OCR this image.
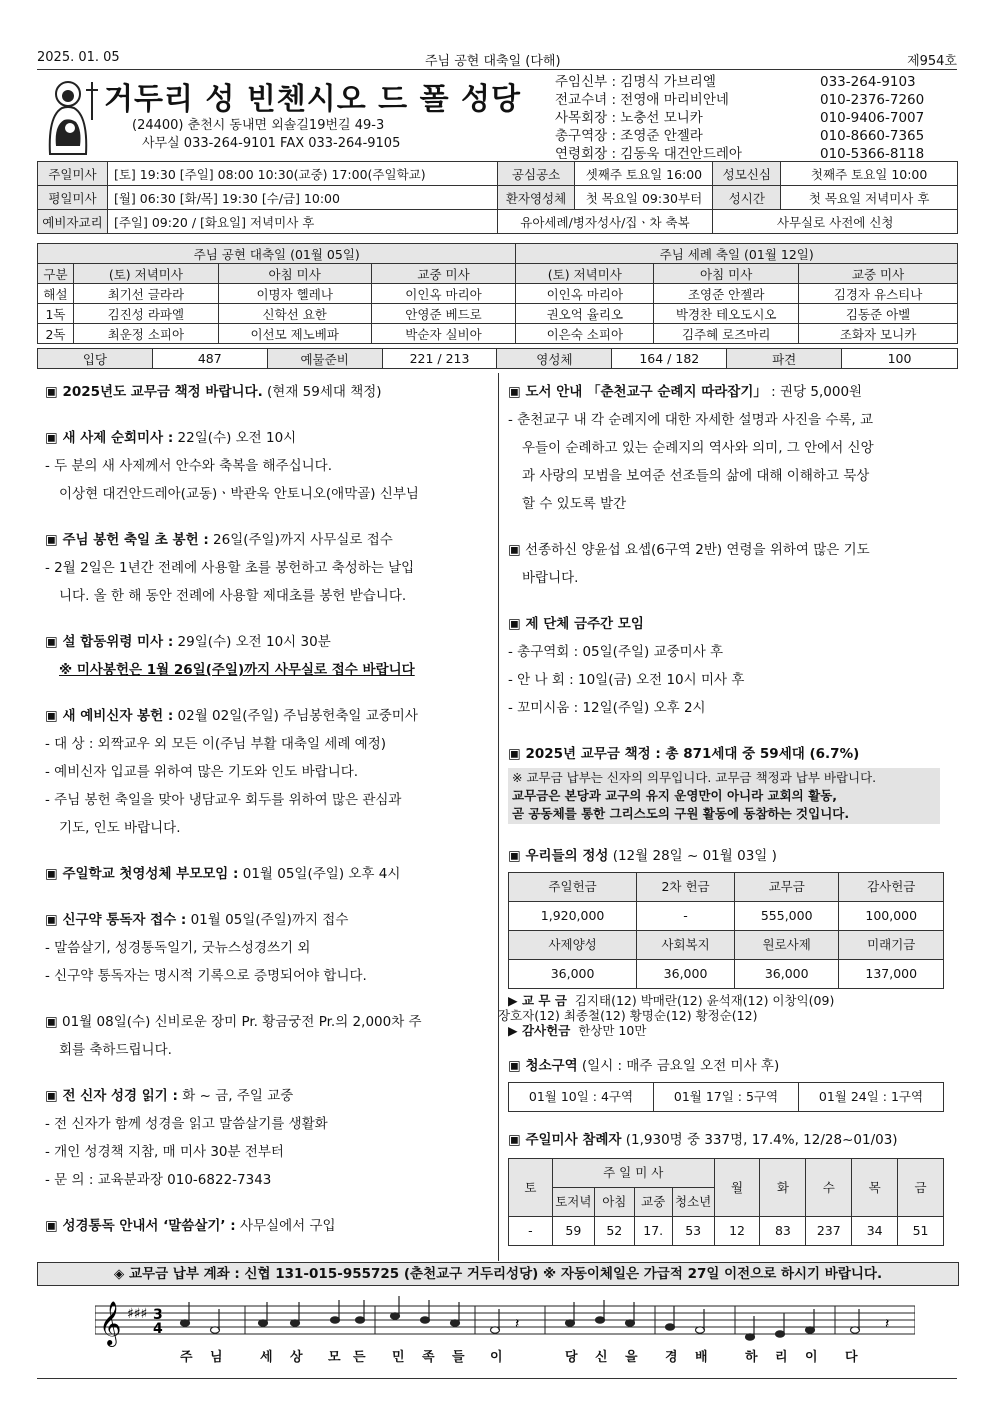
2025. 01. 05	주님 공현 대축일 (다해)	제954호
거두리 성 빈첸시오 드 폴 성당
(24400) 춘천시 동내면 외솔길19번길 49-3
사무실 033-264-9101 FAX 033-264-9105
주임신부 : 김명식 가브리엘	033-264-9103
전교수녀 : 전영애 마리비안네	010-2376-7260
사목회장 : 노충선 모니카	010-9406-7007
총구역장 : 조영준 안젤라	010-8660-7365
연령회장 : 김동욱 대건안드레아	010-5366-8118
주일미사	[토] 19:30 [주일] 08:00 10:30(교중) 17:00(주일학교)	공심공소	셋째주 토요일 16:00	성모신심	첫째주 토요일 10:00
평일미사	[월] 06:30 [화/목] 19:30 [수/금] 10:00	환자영성체	첫 목요일 09:30부터	성시간	첫 목요일 저녁미사 후
예비자교리	[주일] 09:20 / [화요일] 저녁미사 후	유아세례/병자성사/집ㆍ차 축복		사무실로 사전에 신청	
주님 공현 대축일 (01월 05일)				주님 세례 축일 (01월 12일)		
구분	(토) 저녁미사	아침 미사	교중 미사	(토) 저녁미사	아침 미사	교중 미사
해설	최기선 글라라	이명자 헬레나	이인옥 마리아	이인옥 마리아	조영준 안젤라	김경자 유스티나
1독	김진성 라파엘	신학선 요한	안영준 베드로	권오억 율리오	박경찬 테오도시오	김동준 아벨
2독	최운정 소피아	이선모 제노베파	박순자 실비아	이은숙 소피아	김주혜 로즈마리	조화자 모니카
입당	487	예물준비	221 / 213	영성체	164 / 182	파견	100
▣ 2025년도 교무금 책정 바랍니다. (현재 59세대 책정)
▣ 새 사제 순회미사 : 22일(수) 오전 10시
- 두 분의 새 사제께서 안수와 축복을 해주십니다.
이상현 대건안드레아(교동)ㆍ박관욱 안토니오(애막골) 신부님
▣ 주님 봉헌 축일 초 봉헌 : 26일(주일)까지 사무실로 접수
- 2월 2일은 1년간 전례에 사용할 초를 봉헌하고 축성하는 날입
니다. 올 한 해 동안 전례에 사용할 제대초를 봉헌 받습니다.
▣ 설 합동위령 미사 : 29일(수) 오전 10시 30분
※ 미사봉헌은 1월 26일(주일)까지 사무실로 접수 바랍니다
▣ 새 예비신자 봉헌 : 02월 02일(주일) 주님봉헌축일 교중미사
- 대 상 : 외짝교우 외 모든 이(주님 부활 대축일 세례 예정)
- 예비신자 입교를 위하여 많은 기도와 인도 바랍니다.
- 주님 봉헌 축일을 맞아 냉담교우 회두를 위하여 많은 관심과
기도, 인도 바랍니다.
▣ 주일학교 첫영성체 부모모임 : 01월 05일(주일) 오후 4시
▣ 신구약 통독자 접수 : 01월 05일(주일)까지 접수
- 말씀살기, 성경통독일기, 굿뉴스성경쓰기 외
- 신구약 통독자는 명시적 기록으로 증명되어야 합니다.
▣ 01월 08일(수) 신비로운 장미 Pr. 황금궁전 Pr.의 2,000차 주
회를 축하드립니다.
▣ 전 신자 성경 읽기 : 화 ~ 금, 주일 교중
- 전 신자가 함께 성경을 읽고 말씀살기를 생활화
- 개인 성경책 지참, 매 미사 30분 전부터
- 문 의 : 교육분과장 010-6822-7343
▣ 성경통독 안내서 ‘말씀살기’ : 사무실에서 구입
▣ 도서 안내 「춘천교구 순례지 따라잡기」 : 권당 5,000원
- 춘천교구 내 각 순례지에 대한 자세한 설명과 사진을 수록, 교
우들이 순례하고 있는 순례지의 역사와 의미, 그 안에서 신앙
과 사랑의 모범을 보여준 선조들의 삶에 대해 이해하고 묵상
할 수 있도록 발간
▣ 선종하신 양윤섭 요셉(6구역 2반) 연령을 위하여 많은 기도
바랍니다.
▣ 제 단체 금주간 모임
- 총구역회 : 05일(주일) 교중미사 후
- 안 나 회 : 10일(금) 오전 10시 미사 후
- 꼬미시움 : 12일(주일) 오후 2시
▣ 2025년 교무금 책정 : 총 871세대 중 59세대 (6.7%)
※ 교무금 납부는 신자의 의무입니다. 교무금 책정과 납부 바랍니다.
교무금은 본당과 교구의 유지 운영만이 아니라 교회의 활동,
곧 공동체를 통한 그리스도의 구원 활동에 동참하는 것입니다.
▣ 우리들의 정성 (12월 28일 ~ 01월 03일 )
주일헌금	2차 헌금	교무금	감사헌금
1,920,000	-	555,000	100,000
사제양성	사회복지	원로사제	미래기금
36,000	36,000	36,000	137,000
▶ 교 무 금 김지태(12) 박매란(12) 윤석재(12) 이창익(09)
장호자(12) 최종철(12) 황명순(12) 황정순(12)
▶ 감사헌금 한상만 10만
▣ 청소구역 (일시 : 매주 금요일 오전 미사 후)
01월 10일 : 4구역	01월 17일 : 5구역	01월 24일 : 1구역
▣ 주일미사 참례자 (1,930명 중 337명, 17.4%, 12/28~01/03)
토	주 일 미 사				월	화	수	목	금
	토저녁	아침	교중	청소년					
-	59	52	17.	53	12	83	237	34	51
◈ 교무금 납부 계좌 : 신협 131-015-955725 (춘천교구 거두리성당) ※ 자동이체일은 가급적 27일 이전으로 하시기 바랍니다.
𝄞 ♯♯♯ 3
4	𝄽	𝄽
주 님	세 상 모 든 민 족 들 이	당 신 을 경 배	하 리 이 다
